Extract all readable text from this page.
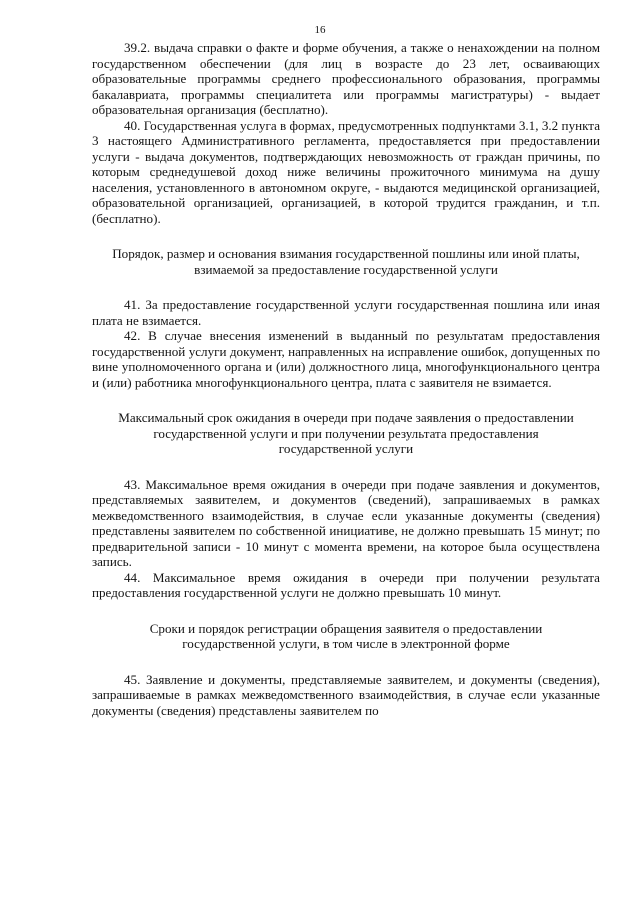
16

39.2. выдача справки о факте и форме обучения, а также о ненахождении на полном государственном обеспечении (для лиц в возрасте до 23 лет, осваивающих образовательные программы среднего профессионального образования, программы бакалавриата, программы специалитета или программы магистратуры) - выдает образовательная организация (бесплатно).

40. Государственная услуга в формах, предусмотренных подпунктами 3.1, 3.2 пункта 3 настоящего Административного регламента, предоставляется при предоставлении услуги - выдача документов, подтверждающих невозможность от граждан причины, по которым среднедушевой доход ниже величины прожиточного минимума на душу населения, установленного в автономном округе, - выдаются медицинской организацией, образовательной организацией, организацией, в которой трудится гражданин, и т.п. (бесплатно).

Порядок, размер и основания взимания государственной пошлины или иной платы, взимаемой за предоставление государственной услуги

41. За предоставление государственной услуги государственная пошлина или иная плата не взимается.

42. В случае внесения изменений в выданный по результатам предоставления государственной услуги документ, направленных на исправление ошибок, допущенных по вине уполномоченного органа и (или) должностного лица, многофункционального центра и (или) работника многофункционального центра, плата с заявителя не взимается.

Максимальный срок ожидания в очереди при подаче заявления о предоставлении государственной услуги и при получении результата предоставления государственной услуги

43. Максимальное время ожидания в очереди при подаче заявления и документов, представляемых заявителем, и документов (сведений), запрашиваемых в рамках межведомственного взаимодействия, в случае если указанные документы (сведения) представлены заявителем по собственной инициативе, не должно превышать 15 минут; по предварительной записи - 10 минут с момента времени, на которое была осуществлена запись.

44. Максимальное время ожидания в очереди при получении результата предоставления государственной услуги не должно превышать 10 минут.

Сроки и порядок регистрации обращения заявителя о предоставлении государственной услуги, в том числе в электронной форме

45. Заявление и документы, представляемые заявителем, и документы (сведения), запрашиваемые в рамках межведомственного взаимодействия, в случае если указанные документы (сведения) представлены заявителем по
